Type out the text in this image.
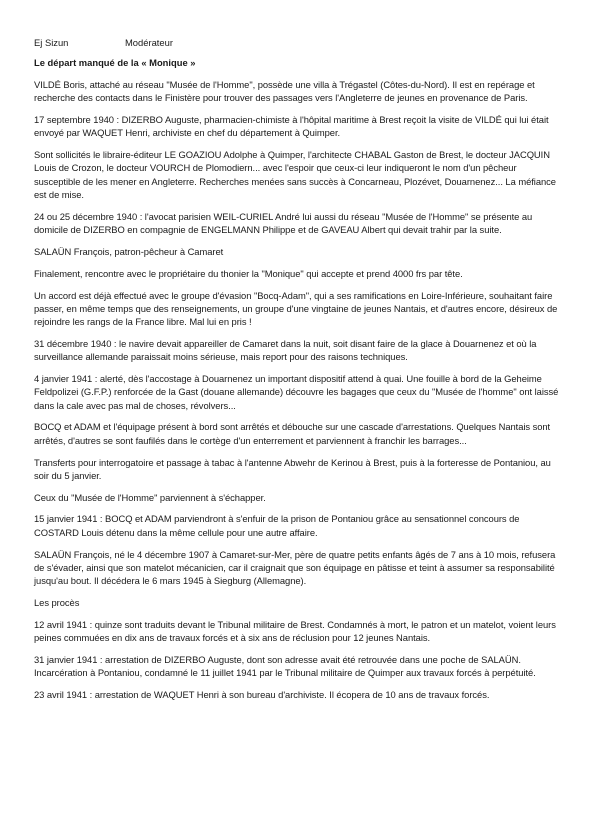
Ej Sizun	Modérateur
Le départ manqué de la « Monique »

VILDÉ Boris, attaché au réseau "Musée de l'Homme", possède une villa à Trégastel (Côtes-du-Nord). Il est en repérage et recherche des contacts dans le Finistère pour trouver des passages vers l'Angleterre de jeunes en provenance de Paris.

17 septembre 1940 : DIZERBO Auguste, pharmacien-chimiste à l'hôpital maritime à Brest reçoit la visite de VILDÉ qui lui était envoyé par WAQUET Henri, archiviste en chef du département à Quimper.

Sont sollicités le libraire-éditeur LE GOAZIOU Adolphe à Quimper, l'architecte CHABAL Gaston de Brest, le docteur JACQUIN Louis de Crozon, le docteur VOURCH de Plomodiern... avec l'espoir que ceux-ci leur indiqueront le nom d'un pêcheur susceptible de les mener en Angleterre. Recherches menées sans succès à Concarneau, Plozévet, Douarnenez... La méfiance est de mise.

24 ou 25 décembre 1940 : l'avocat parisien WEIL-CURIEL André lui aussi du réseau "Musée de l'Homme" se présente au domicile de DIZERBO en compagnie de ENGELMANN Philippe et de GAVEAU Albert qui devait trahir par la suite.

SALAÜN François, patron-pêcheur à Camaret

Finalement, rencontre avec le propriétaire du thonier la "Monique" qui accepte et prend 4000 frs par tête.

Un accord est déjà effectué avec le groupe d'évasion "Bocq-Adam", qui a ses ramifications en Loire-Inférieure, souhaitant faire passer, en même temps que des renseignements, un groupe d'une vingtaine de jeunes Nantais, et d'autres encore, désireux de rejoindre les rangs de la France libre. Mal lui en pris !

31 décembre 1940 : le navire devait appareiller de Camaret dans la nuit, soit disant faire de la glace à Douarnenez et où la surveillance allemande paraissait moins sérieuse, mais report pour des raisons techniques.

4 janvier 1941 : alerté, dès l'accostage à Douarnenez un important dispositif attend à quai. Une fouille à bord de la Geheime Feldpolizei (G.F.P.) renforcée de la Gast (douane allemande) découvre les bagages que ceux du "Musée de l'homme" ont laissé dans la cale avec pas mal de choses, révolvers...

BOCQ et ADAM et l'équipage présent à bord sont arrêtés et débouche sur une cascade d'arrestations. Quelques Nantais sont arrêtés, d'autres se sont faufilés dans le cortège d'un enterrement et parviennent à franchir les barrages...

Transferts pour interrogatoire et passage à tabac à l'antenne Abwehr de Kerinou à Brest, puis à la forteresse de Pontaniou, au soir du 5 janvier.

Ceux du "Musée de l'Homme" parviennent à s'échapper.

15 janvier 1941 : BOCQ et ADAM parviendront à s'enfuir de la prison de Pontaniou grâce au sensationnel concours de COSTARD Louis détenu dans la même cellule pour une autre affaire.

SALAÜN François, né le 4 décembre 1907 à Camaret-sur-Mer, père de quatre petits enfants âgés de 7 ans à 10 mois, refusera de s'évader, ainsi que son matelot mécanicien, car il craignait que son équipage en pâtisse et teint à assumer sa responsabilité jusqu'au bout. Il décédera le 6 mars 1945 à Siegburg (Allemagne).

Les procès

12 avril 1941 : quinze sont traduits devant le Tribunal militaire de Brest. Condamnés à mort, le patron et un matelot, voient leurs peines commuées en dix ans de travaux forcés et à six ans de réclusion pour 12 jeunes Nantais.

31 janvier 1941 : arrestation de DIZERBO Auguste, dont son adresse avait été retrouvée dans une poche de SALAÜN. Incarcération à Pontaniou, condamné le 11 juillet 1941 par le Tribunal militaire de Quimper aux travaux forcés à perpétuité.

23 avril 1941 : arrestation de WAQUET Henri à son bureau d'archiviste. Il écopera de 10 ans de travaux forcés.
